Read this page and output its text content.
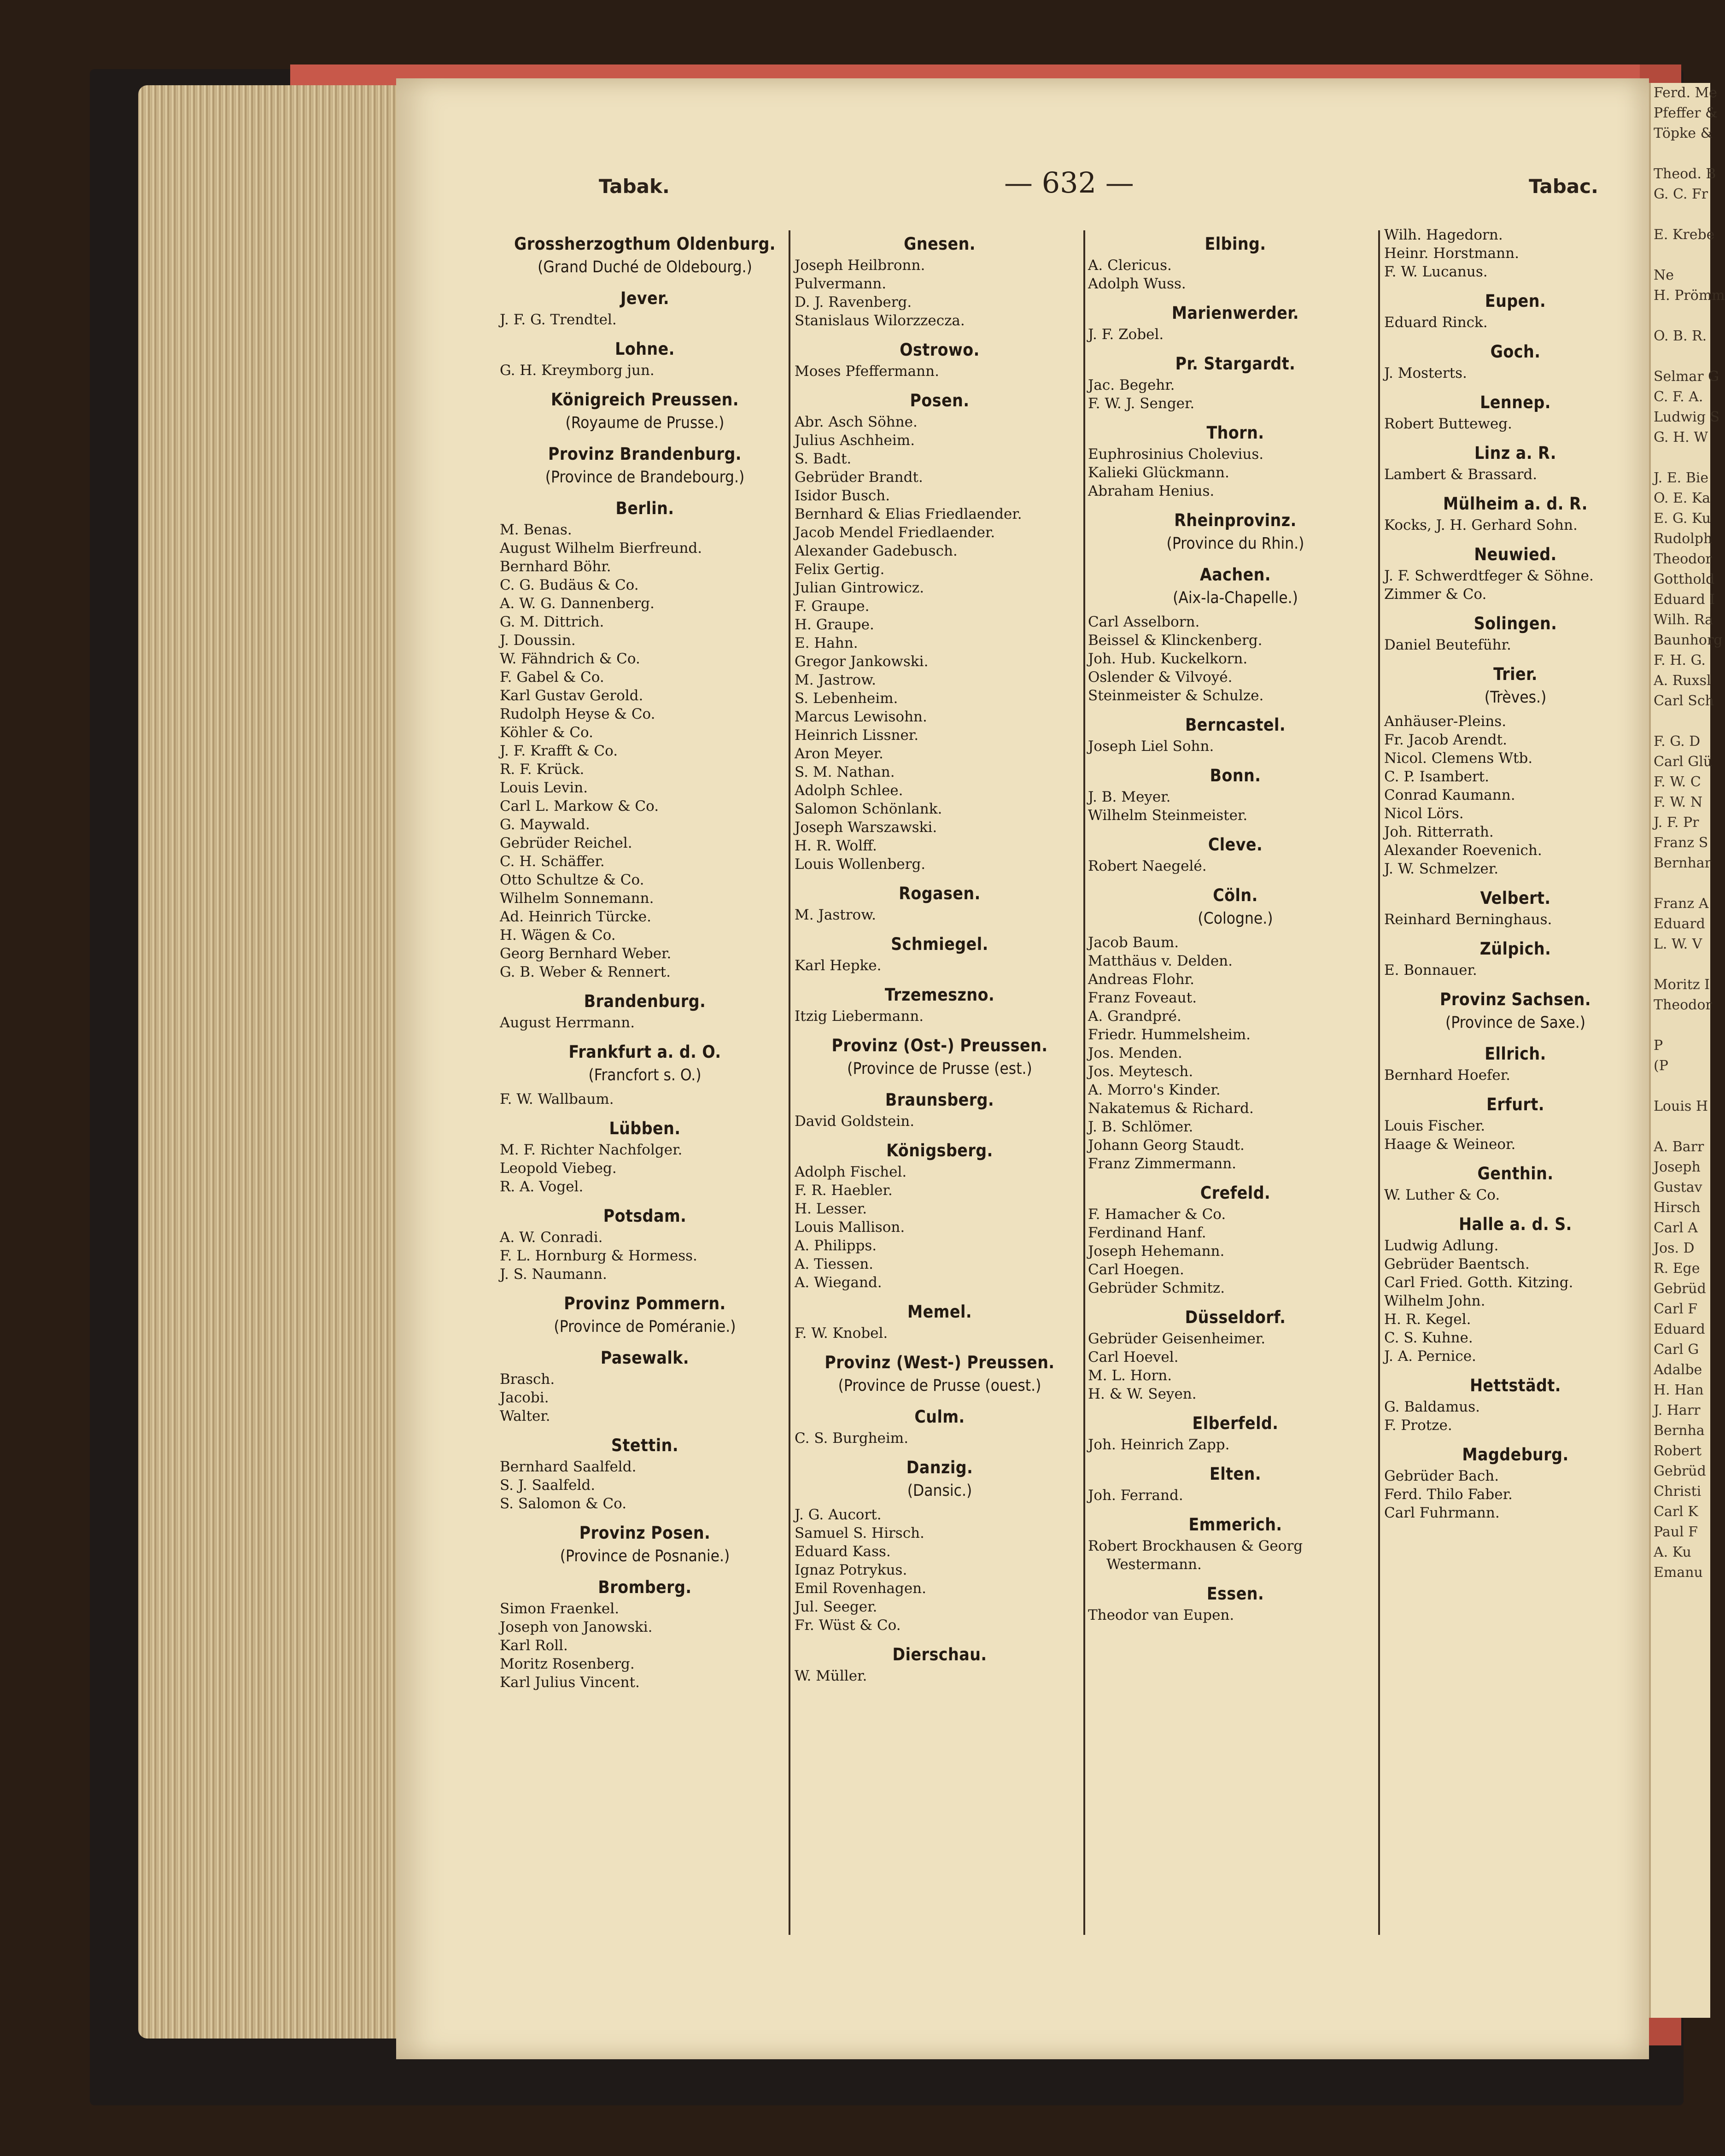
Ferd. Me
Pfeffer &
Töpke &

Theod. B
G. C. Fr

E. Krebe

Ne
H. Prömm

O. B. R.

Selmar G
C. F. A.
Ludwig S
G. H. W

J. E. Bie
O. E. Ka
E. G. Ku
Rudolph
Theodor
Gotthold
Eduard I
Wilh. Ra
Baunhorg
F. H. G.
A. Ruxsl
Carl Sch

F. G. D
Carl Glü
F. W. C
F. W. N
J. F. Pr
Franz S
Bernhar

Franz A
Eduard
L. W. V

Moritz I
Theodor

P
(P

Louis H

A. Barr
Joseph
Gustav
Hirsch
Carl A
Jos. D
R. Ege
Gebrüd
Carl F
Eduard
Carl G
Adalbe
H. Han
J. Harr
Bernha
Robert
Gebrüd
Christi
Carl K
Paul F
A. Ku
Emanu
Tabak.	— 632 —	Tabac.
Grossherzogthum Oldenburg.
(Grand Duché de Oldebourg.)
Jever.
J. F. G. Trendtel.
Lohne.
G. H. Kreymborg jun.
Königreich Preussen.
(Royaume de Prusse.)
Provinz Brandenburg.
(Province de Brandebourg.)
Berlin.
M. Benas.
August Wilhelm Bierfreund.
Bernhard Böhr.
C. G. Budäus & Co.
A. W. G. Dannenberg.
G. M. Dittrich.
J. Doussin.
W. Fähndrich & Co.
F. Gabel & Co.
Karl Gustav Gerold.
Rudolph Heyse & Co.
Köhler & Co.
J. F. Krafft & Co.
R. F. Krück.
Louis Levin.
Carl L. Markow & Co.
G. Maywald.
Gebrüder Reichel.
C. H. Schäffer.
Otto Schultze & Co.
Wilhelm Sonnemann.
Ad. Heinrich Türcke.
H. Wägen & Co.
Georg Bernhard Weber.
G. B. Weber & Rennert.
Brandenburg.
August Herrmann.
Frankfurt a. d. O.
(Francfort s. O.)
F. W. Wallbaum.
Lübben.
M. F. Richter Nachfolger.
Leopold Viebeg.
R. A. Vogel.
Potsdam.
A. W. Conradi.
F. L. Hornburg & Hormess.
J. S. Naumann.
Provinz Pommern.
(Province de Poméranie.)
Pasewalk.
Brasch.
Jacobi.
Walter.
Stettin.
Bernhard Saalfeld.
S. J. Saalfeld.
S. Salomon & Co.
Provinz Posen.
(Province de Posnanie.)
Bromberg.
Simon Fraenkel.
Joseph von Janowski.
Karl Roll.
Moritz Rosenberg.
Karl Julius Vincent.
Gnesen.
Joseph Heilbronn.
Pulvermann.
D. J. Ravenberg.
Stanislaus Wilorzzecza.
Ostrowo.
Moses Pfeffermann.
Posen.
Abr. Asch Söhne.
Julius Aschheim.
S. Badt.
Gebrüder Brandt.
Isidor Busch.
Bernhard & Elias Friedlaender.
Jacob Mendel Friedlaender.
Alexander Gadebusch.
Felix Gertig.
Julian Gintrowicz.
F. Graupe.
H. Graupe.
E. Hahn.
Gregor Jankowski.
M. Jastrow.
S. Lebenheim.
Marcus Lewisohn.
Heinrich Lissner.
Aron Meyer.
S. M. Nathan.
Adolph Schlee.
Salomon Schönlank.
Joseph Warszawski.
H. R. Wolff.
Louis Wollenberg.
Rogasen.
M. Jastrow.
Schmiegel.
Karl Hepke.
Trzemeszno.
Itzig Liebermann.
Provinz (Ost-) Preussen.
(Province de Prusse (est.)
Braunsberg.
David Goldstein.
Königsberg.
Adolph Fischel.
F. R. Haebler.
H. Lesser.
Louis Mallison.
A. Philipps.
A. Tiessen.
A. Wiegand.
Memel.
F. W. Knobel.
Provinz (West-) Preussen.
(Province de Prusse (ouest.)
Culm.
C. S. Burgheim.
Danzig.
(Dansic.)
J. G. Aucort.
Samuel S. Hirsch.
Eduard Kass.
Ignaz Potrykus.
Emil Rovenhagen.
Jul. Seeger.
Fr. Wüst & Co.
Dierschau.
W. Müller.
Elbing.
A. Clericus.
Adolph Wuss.
Marienwerder.
J. F. Zobel.
Pr. Stargardt.
Jac. Begehr.
F. W. J. Senger.
Thorn.
Euphrosinius Cholevius.
Kalieki Glückmann.
Abraham Henius.
Rheinprovinz.
(Province du Rhin.)
Aachen.
(Aix-la-Chapelle.)
Carl Asselborn.
Beissel & Klinckenberg.
Joh. Hub. Kuckelkorn.
Oslender & Vilvoyé.
Steinmeister & Schulze.
Berncastel.
Joseph Liel Sohn.
Bonn.
J. B. Meyer.
Wilhelm Steinmeister.
Cleve.
Robert Naegelé.
Cöln.
(Cologne.)
Jacob Baum.
Matthäus v. Delden.
Andreas Flohr.
Franz Foveaut.
A. Grandpré.
Friedr. Hummelsheim.
Jos. Menden.
Jos. Meytesch.
A. Morro's Kinder.
Nakatemus & Richard.
J. B. Schlömer.
Johann Georg Staudt.
Franz Zimmermann.
Crefeld.
F. Hamacher & Co.
Ferdinand Hanf.
Joseph Hehemann.
Carl Hoegen.
Gebrüder Schmitz.
Düsseldorf.
Gebrüder Geisenheimer.
Carl Hoevel.
M. L. Horn.
H. & W. Seyen.
Elberfeld.
Joh. Heinrich Zapp.
Elten.
Joh. Ferrand.
Emmerich.
Robert Brockhausen & Georg
Westermann.
Essen.
Theodor van Eupen.
Wilh. Hagedorn.
Heinr. Horstmann.
F. W. Lucanus.
Eupen.
Eduard Rinck.
Goch.
J. Mosterts.
Lennep.
Robert Butteweg.
Linz a. R.
Lambert & Brassard.
Mülheim a. d. R.
Kocks, J. H. Gerhard Sohn.
Neuwied.
J. F. Schwerdtfeger & Söhne.
Zimmer & Co.
Solingen.
Daniel Beuteführ.
Trier.
(Trèves.)
Anhäuser-Pleins.
Fr. Jacob Arendt.
Nicol. Clemens Wtb.
C. P. Isambert.
Conrad Kaumann.
Nicol Lörs.
Joh. Ritterrath.
Alexander Roevenich.
J. W. Schmelzer.
Velbert.
Reinhard Berninghaus.
Zülpich.
E. Bonnauer.
Provinz Sachsen.
(Province de Saxe.)
Ellrich.
Bernhard Hoefer.
Erfurt.
Louis Fischer.
Haage & Weineor.
Genthin.
W. Luther & Co.
Halle a. d. S.
Ludwig Adlung.
Gebrüder Baentsch.
Carl Fried. Gotth. Kitzing.
Wilhelm John.
H. R. Kegel.
C. S. Kuhne.
J. A. Pernice.
Hettstädt.
G. Baldamus.
F. Protze.
Magdeburg.
Gebrüder Bach.
Ferd. Thilo Faber.
Carl Fuhrmann.
